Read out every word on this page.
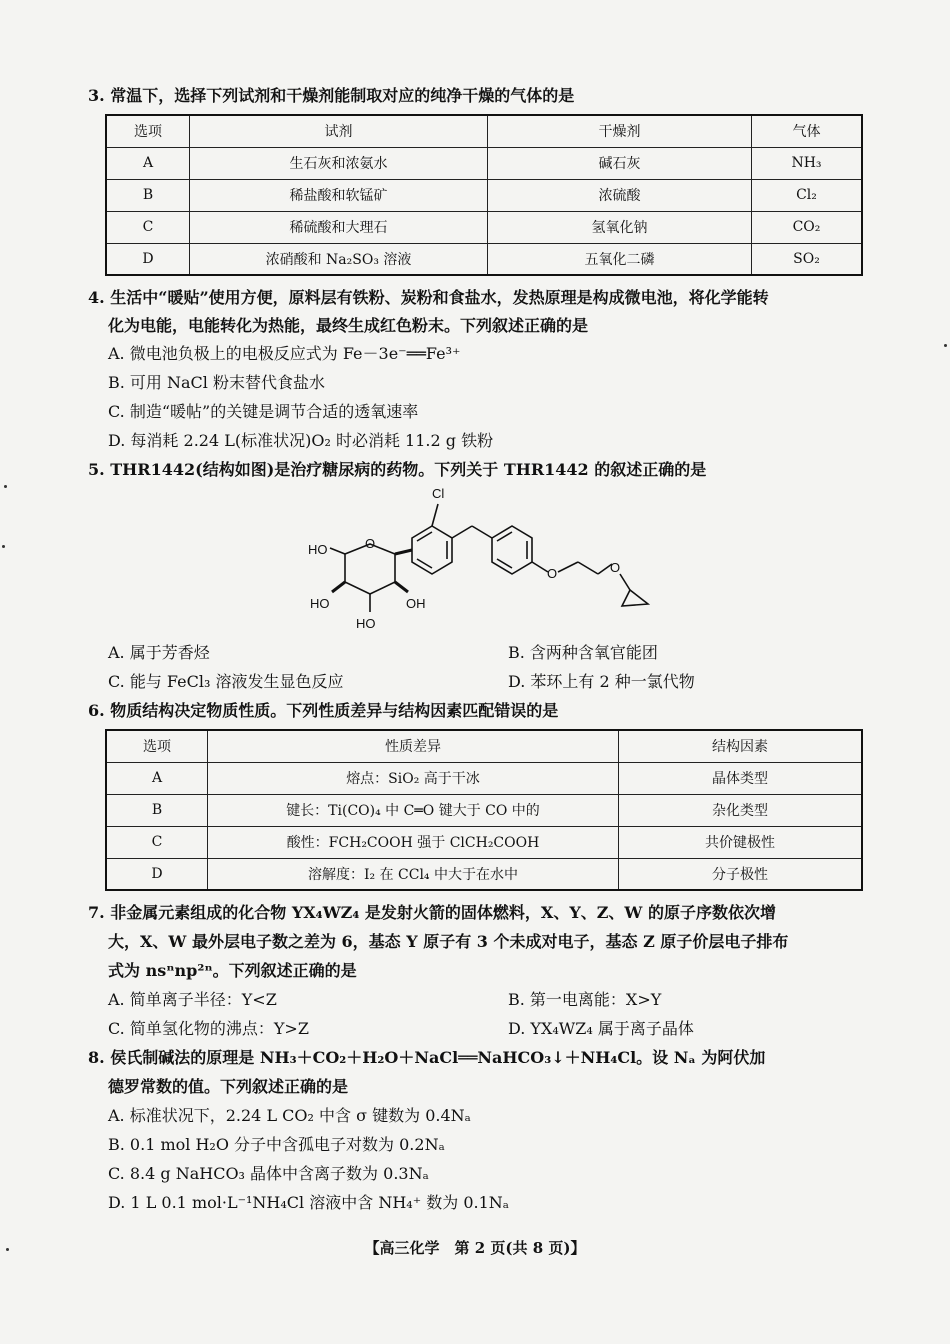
3. 常温下，选择下列试剂和干燥剂能制取对应的纯净干燥的气体的是
选项	试剂	干燥剂	气体
A	生石灰和浓氨水	碱石灰	NH₃
B	稀盐酸和软锰矿	浓硫酸	Cl₂
C	稀硫酸和大理石	氢氧化钠	CO₂
D	浓硝酸和 Na₂SO₃ 溶液	五氧化二磷	SO₂
4. 生活中“暖贴”使用方便，原料层有铁粉、炭粉和食盐水，发热原理是构成微电池，将化学能转
化为电能，电能转化为热能，最终生成红色粉末。下列叙述正确的是
A. 微电池负极上的电极反应式为 Fe－3e⁻══Fe³⁺
B. 可用 NaCl 粉末替代食盐水
C. 制造“暖帖”的关键是调节合适的透氧速率
D. 每消耗 2.24 L(标准状况)O₂ 时必消耗 11.2 g 铁粉
5. THR1442(结构如图)是治疗糖尿病的药物。下列关于 THR1442 的叙述正确的是
Cl
HO	O
HO	OH
HO
O	O
A. 属于芳香烃	B. 含两种含氧官能团
C. 能与 FeCl₃ 溶液发生显色反应	D. 苯环上有 2 种一氯代物
6. 物质结构决定物质性质。下列性质差异与结构因素匹配错误的是
选项	性质差异	结构因素
A	熔点：SiO₂ 高于干冰	晶体类型
B	键长：Ti(CO)₄ 中 C═O 键大于 CO 中的	杂化类型
C	酸性：FCH₂COOH 强于 ClCH₂COOH	共价键极性
D	溶解度：I₂ 在 CCl₄ 中大于在水中	分子极性
7. 非金属元素组成的化合物 YX₄WZ₄ 是发射火箭的固体燃料，X、Y、Z、W 的原子序数依次增
大，X、W 最外层电子数之差为 6，基态 Y 原子有 3 个未成对电子，基态 Z 原子价层电子排布
式为 nsⁿnp²ⁿ。下列叙述正确的是
A. 简单离子半径：Y<Z	B. 第一电离能：X>Y
C. 简单氢化物的沸点：Y>Z	D. YX₄WZ₄ 属于离子晶体
8. 侯氏制碱法的原理是 NH₃＋CO₂＋H₂O＋NaCl══NaHCO₃↓＋NH₄Cl。设 Nₐ 为阿伏加
德罗常数的值。下列叙述正确的是
A. 标准状况下，2.24 L CO₂ 中含 σ 键数为 0.4Nₐ
B. 0.1 mol H₂O 分子中含孤电子对数为 0.2Nₐ
C. 8.4 g NaHCO₃ 晶体中含离子数为 0.3Nₐ
D. 1 L 0.1 mol·L⁻¹NH₄Cl 溶液中含 NH₄⁺ 数为 0.1Nₐ
【高三化学　第 2 页(共 8 页)】
